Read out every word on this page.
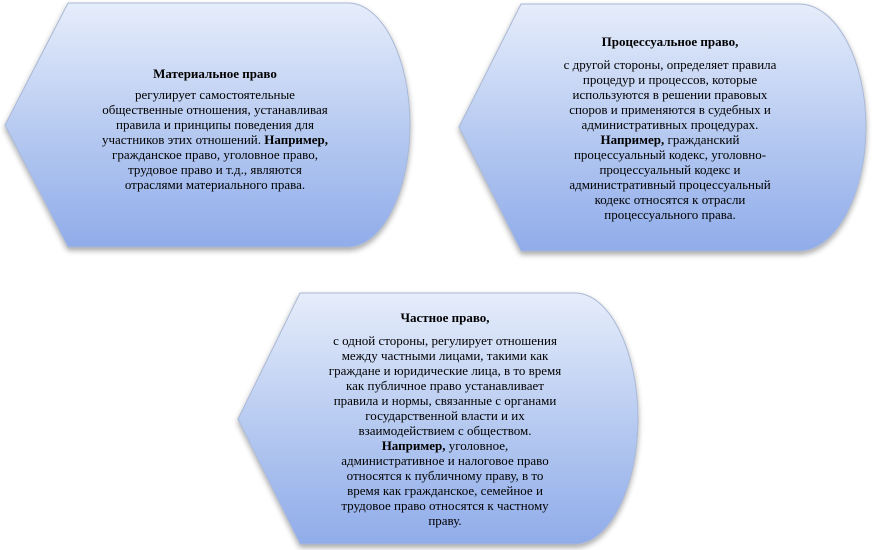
Материальное право
регулирует самостоятельные
общественные отношения, устанавливая
правила и принципы поведения для
участников этих отношений. Например,
гражданское право, уголовное право,
трудовое право и т.д., являются
отраслями материального права.
Процессуальное право,
с другой стороны, определяет правила
процедур и процессов, которые
используются в решении правовых
споров и применяются в судебных и
административных процедурах.
Например, гражданский
процессуальный кодекс, уголовно-
процессуальный кодекс и
административный процессуальный
кодекс относятся к отрасли
процессуального права.
Частное право,
с одной стороны, регулирует отношения
между частными лицами, такими как
граждане и юридические лица, в то время
как публичное право устанавливает
правила и нормы, связанные с органами
государственной власти и их
взаимодействием с обществом.
Например, уголовное,
административное и налоговое право
относятся к публичному праву, в то
время как гражданское, семейное и
трудовое право относятся к частному
праву.
